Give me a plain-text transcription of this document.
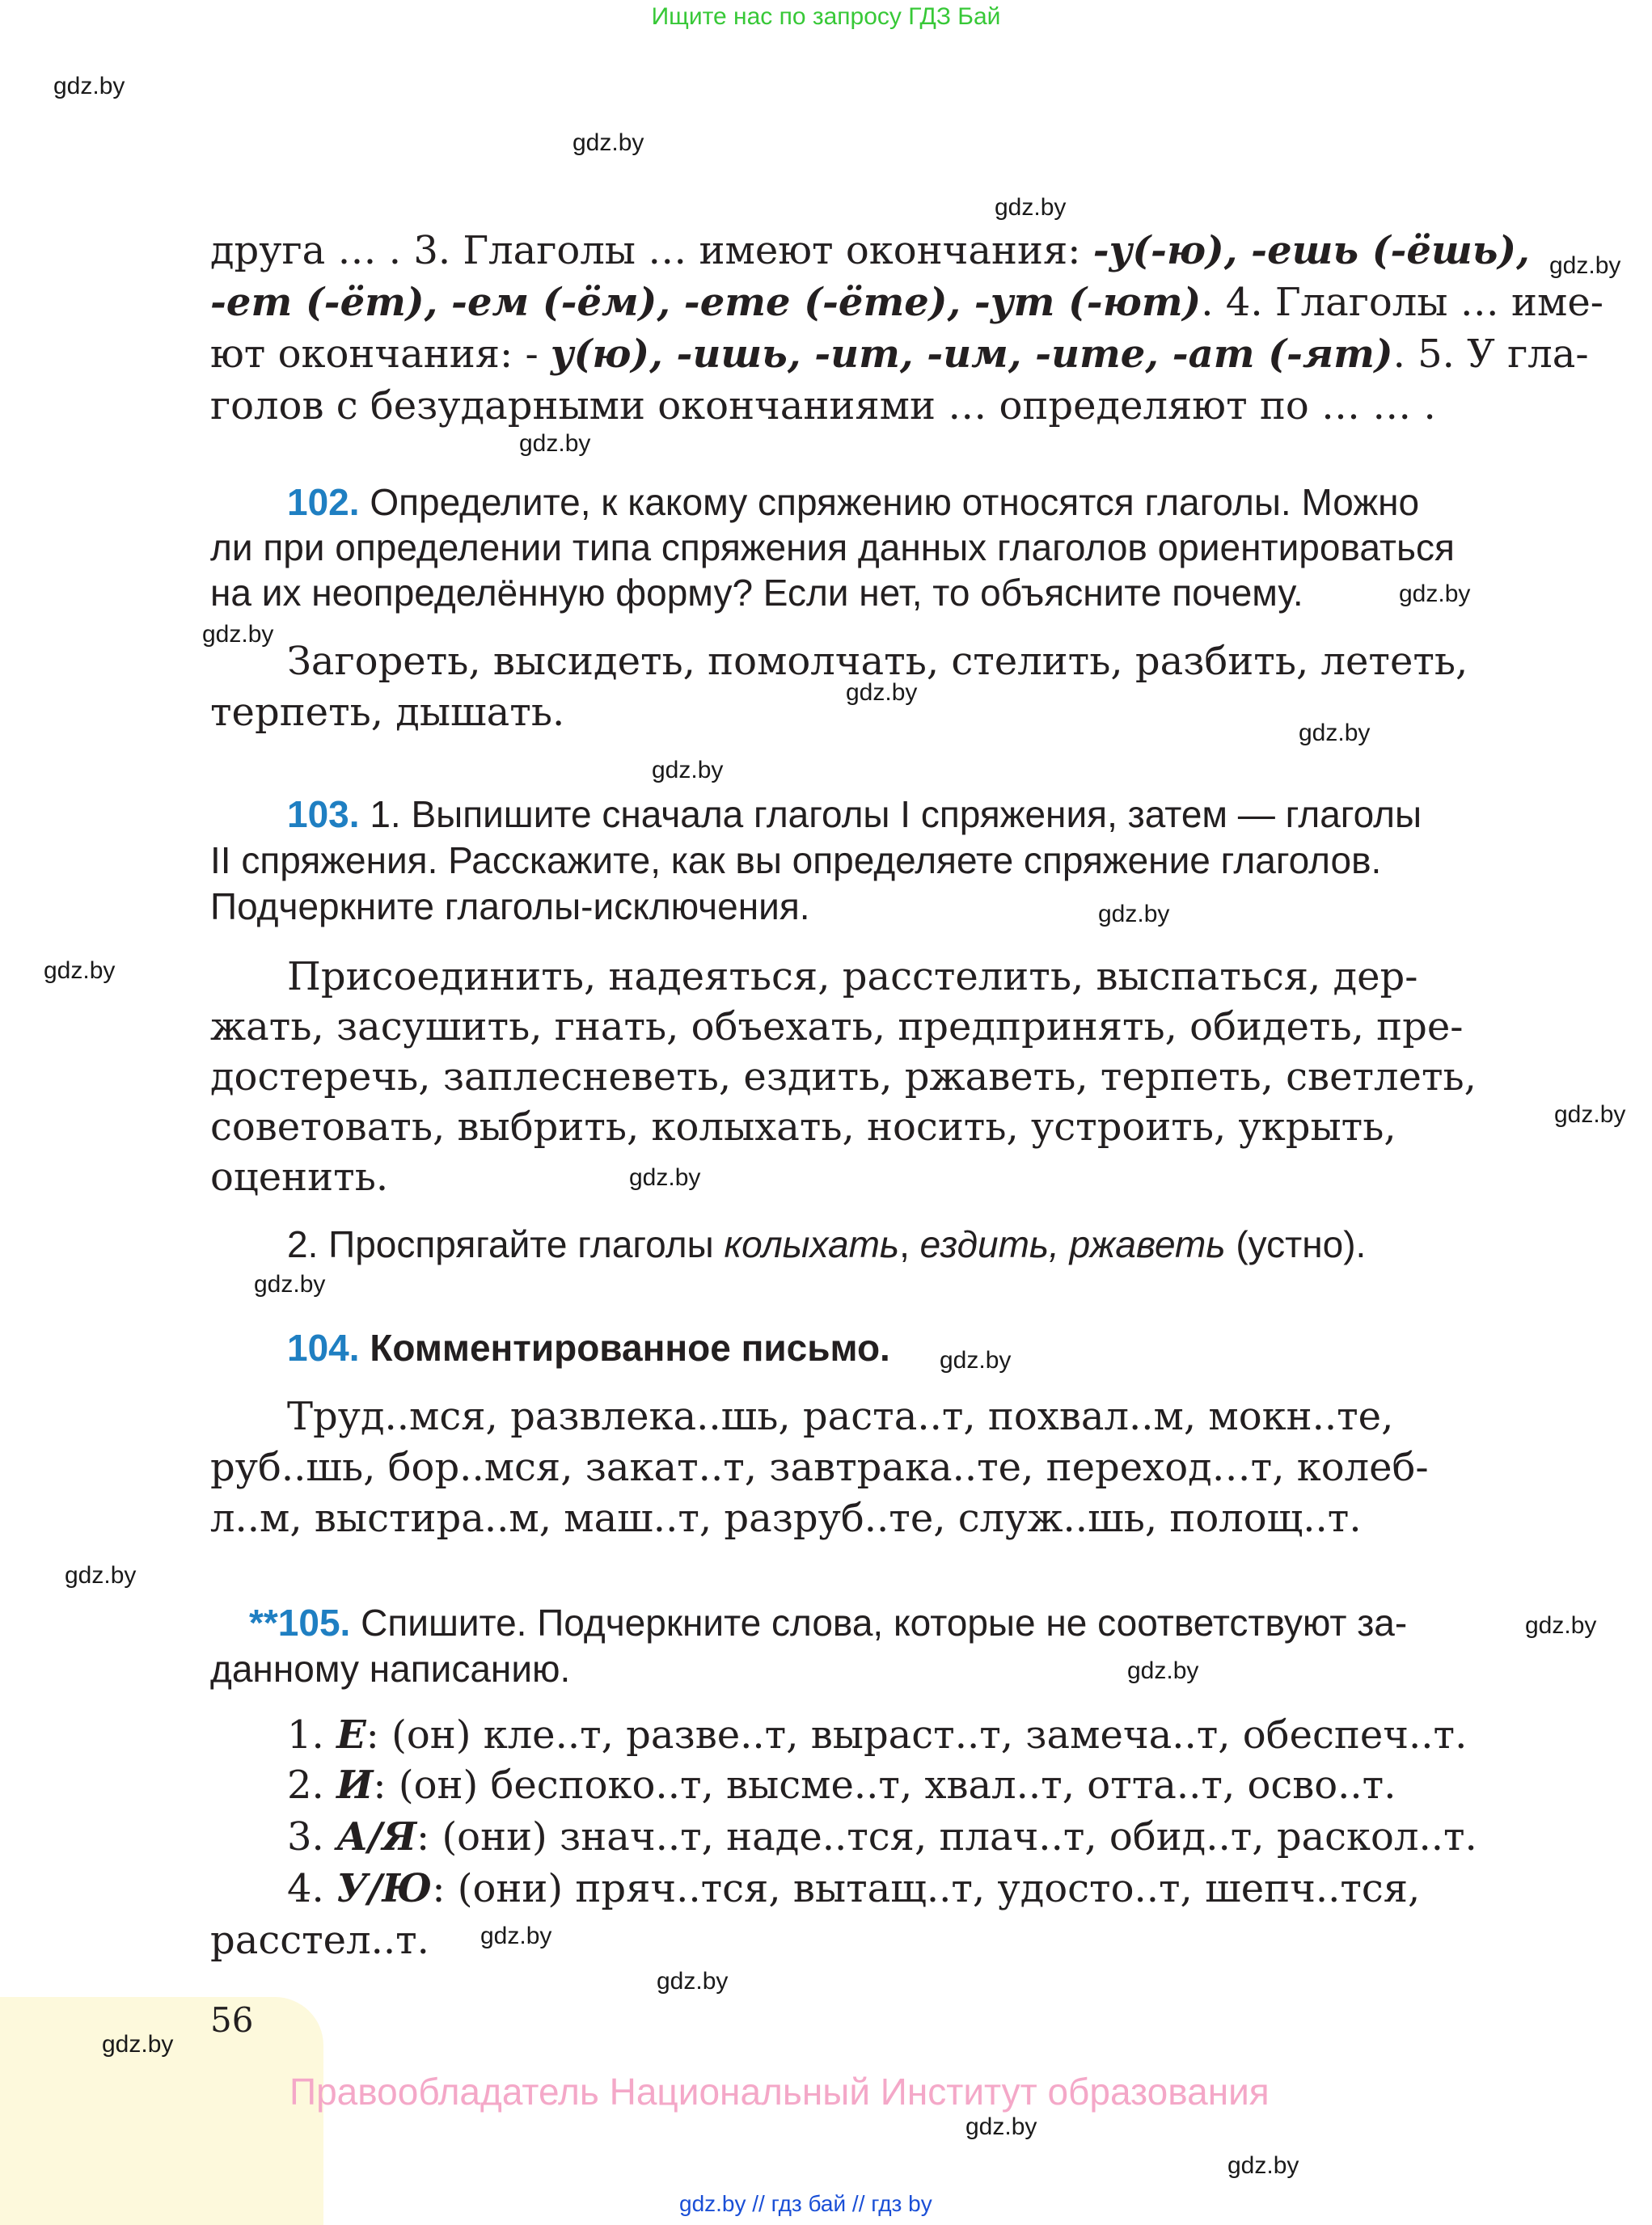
Ищите нас по запросу ГДЗ Бай
друга … . 3. Глаголы … имеют окончания: -у(-ю), -ешь (-ёшь),
-ет (-ёт), -ем (-ём), -ете (-ёте), -ут (-ют). 4. Глаголы … име-
ют окончания: - у(ю), -ишь, -ит, -им, -ите, -ат (-ят). 5. У гла-
голов с безударными окончаниями … определяют по … … .
102. Определите, к какому спряжению относятся глаголы. Можно
ли при определении типа спряжения данных глаголов ориентироваться
на их неопределённую форму? Если нет, то объясните почему.
Загореть, высидеть, помолчать, стелить, разбить, лететь,
терпеть, дышать.
103. 1. Выпишите сначала глаголы I спряжения, затем — глаголы
II спряжения. Расскажите, как вы определяете спряжение глаголов.
Подчеркните глаголы-исключения.
Присоединить, надеяться, расстелить, выспаться, дер-
жать, засушить, гнать, объехать, предпринять, обидеть, пре-
достеречь, заплесневеть, ездить, ржаветь, терпеть, светлеть,
советовать, выбрить, колыхать, носить, устроить, укрыть,
оценить.
2. Проспрягайте глаголы колыхать, ездить, ржаветь (устно).
104. Комментированное письмо.
Труд..мся, развлека..шь, раста..т, похвал..м, мокн..те,
руб..шь, бор..мся, закат..т, завтрака..те, переход…т, колеб-
л..м, выстира..м, маш..т, разруб..те, служ..шь, полощ..т.
**105. Спишите. Подчеркните слова, которые не соответствуют за-
данному написанию.
1. Е: (он) кле..т, разве..т, выраст..т, замеча..т, обеспеч..т.
2. И: (он) беспоко..т, высме..т, хвал..т, отта..т, осво..т.
3. А/Я: (они) знач..т, наде..тся, плач..т, обид..т, раскол..т.
4. У/Ю: (они) пряч..тся, вытащ..т, удосто..т, шепч..тся,
расстел..т.
56
Правообладатель Национальный Институт образования
gdz.by // гдз бай // гдз by
gdz.by
gdz.by
gdz.by
gdz.by
gdz.by
gdz.by
gdz.by
gdz.by
gdz.by
gdz.by
gdz.by
gdz.by
gdz.by
gdz.by
gdz.by
gdz.by
gdz.by
gdz.by
gdz.by
gdz.by
gdz.by
gdz.by
gdz.by
gdz.by
